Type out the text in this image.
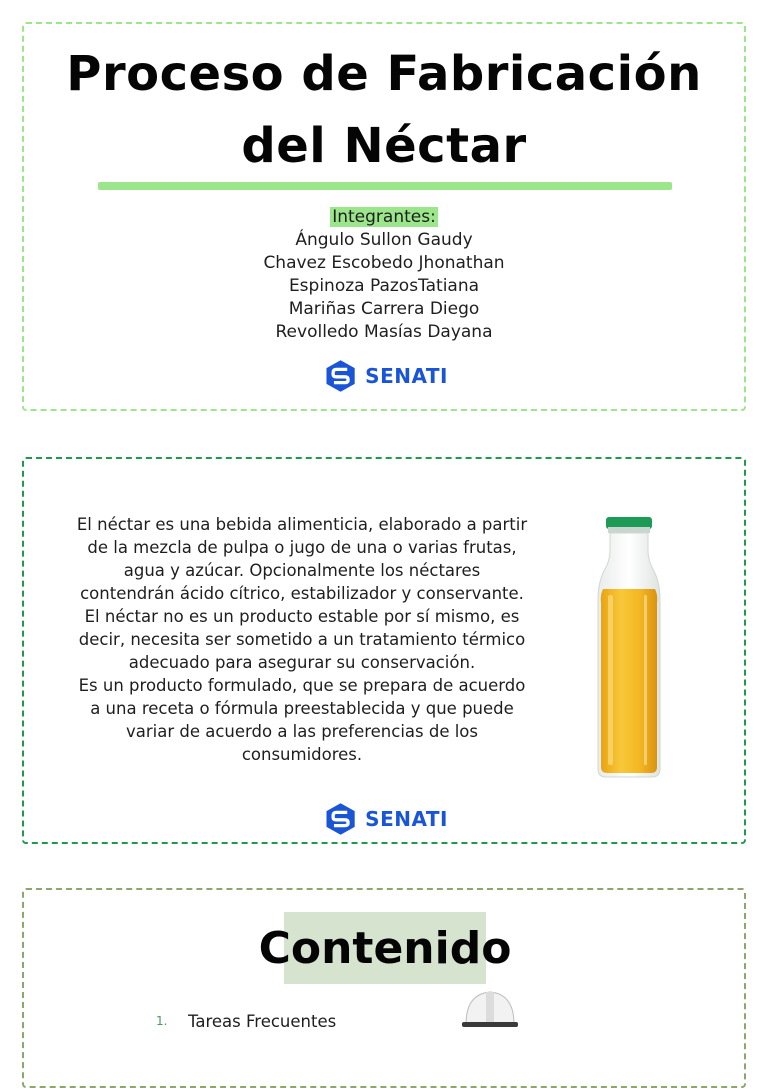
Proceso de Fabricación
del Néctar
Integrantes:
Ángulo Sullon Gaudy
Chavez Escobedo Jhonathan
Espinoza PazosTatiana
Mariñas Carrera Diego
Revolledo Masías Dayana
SENATI
El néctar es una bebida alimenticia, elaborado a partir de la mezcla de pulpa o jugo de una o varias frutas, agua y azúcar. Opcionalmente los néctares contendrán ácido cítrico, estabilizador y conservante.
El néctar no es un producto estable por sí mismo, es decir, necesita ser sometido a un tratamiento térmico adecuado para asegurar su conservación.
Es un producto formulado, que se prepara de acuerdo a una receta o fórmula preestablecida y que puede variar de acuerdo a las preferencias de los consumidores.
SENATI
Contenido
1. Tareas Frecuentes
